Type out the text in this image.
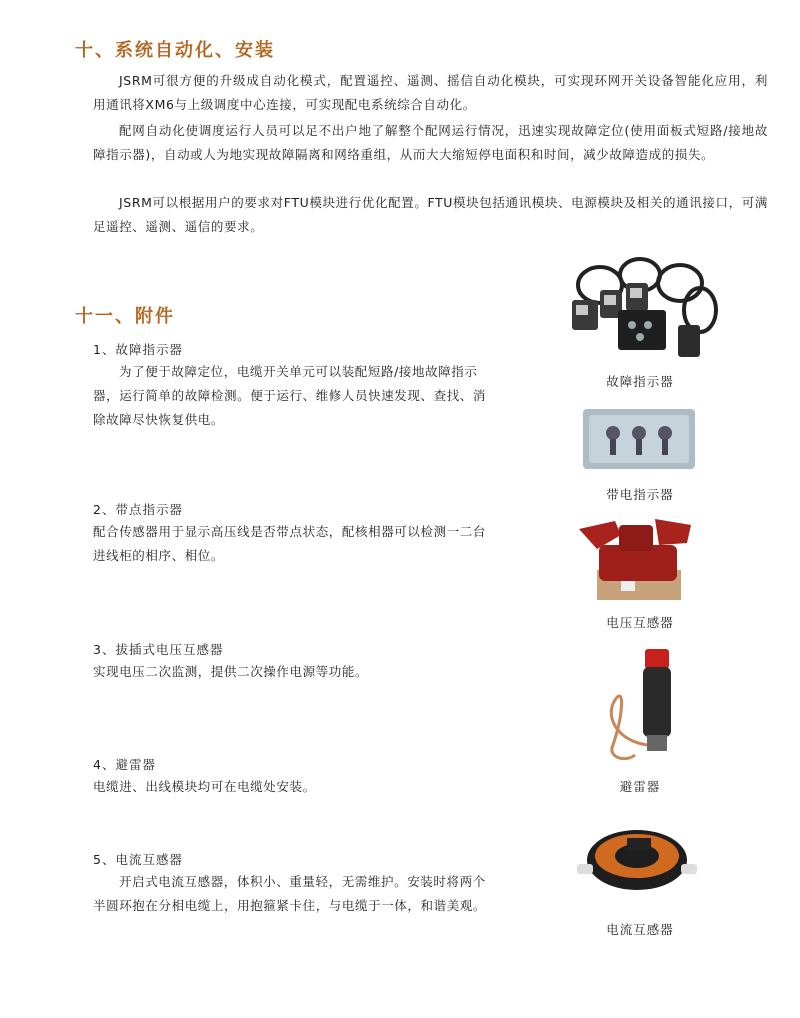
十、系统自动化、安装

JSRM可很方便的升级成自动化模式，配置遥控、遥测、摇信自动化模块，可实现环网开关设备智能化应用，利用通讯将XM6与上级调度中心连接，可实现配电系统综合自动化。

配网自动化使调度运行人员可以足不出户地了解整个配网运行情况，迅速实现故障定位(使用面板式短路/接地故障指示器)，自动或人为地实现故障隔离和网络重组，从而大大缩短停电面积和时间，减少故障造成的损失。

JSRM可以根据用户的要求对FTU模块进行优化配置。FTU模块包括通讯模块、电源模块及相关的通讯接口，可满足遥控、遥测、遥信的要求。

十一、附件
1、故障指示器

为了便于故障定位，电缆开关单元可以装配短路/接地故障指示器，运行简单的故障检测。便于运行、维修人员快速发现、查找、消除故障尽快恢复供电。

2、带点指示器

配合传感器用于显示高压线是否带点状态，配核相器可以检测一二台进线柜的相序、相位。

3、拔插式电压互感器

实现电压二次监测，提供二次操作电源等功能。

4、避雷器

电缆进、出线模块均可在电缆处安装。

5、电流互感器

开启式电流互感器，体积小、重量轻，无需维护。安装时将两个半圆环抱在分相电缆上，用抱箍紧卡住，与电缆于一体，和谐美观。

故障指示器
带电指示器
电压互感器
避雷器
电流互感器
